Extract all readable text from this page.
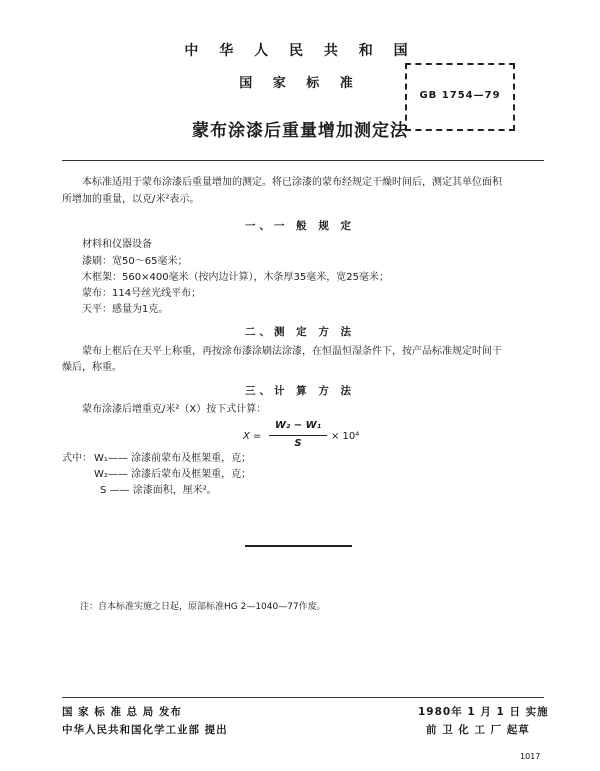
中 华 人 民 共 和 国
国 家 标 准
蒙布涂漆后重量增加测定法
GB 1754—79
本标准适用于蒙布涂漆后重量增加的测定。将已涂漆的蒙布经规定干燥时间后，测定其单位面积
所增加的重量，以克/米²表示。
一、一 般 规 定
材料和仪器设备
漆刷：宽50～65毫米；
木框架：560×400毫米（按内边计算），木条厚35毫米，宽25毫米；
蒙布：114号丝光线平布；
天平：感量为1克。
二、测 定 方 法
蒙布上框后在天平上称重，再按涂布漆涂刷法涂漆，在恒温恒湿条件下，按产品标准规定时间干
燥后，称重。
三、计 算 方 法
蒙布涂漆后增重克/米²（X）按下式计算：
X =
W₂ − W₁
S
× 10⁴
式中： W₁—— 涂漆前蒙布及框架重，克；
W₂—— 涂漆后蒙布及框架重，克；
S —— 涂漆面积，厘米²。
注：自本标准实施之日起，原部标准HG 2—1040—77作废。
国 家 标 准 总 局 发布
中华人民共和国化学工业部 提出
1980年 1 月 1 日 实施
前 卫 化 工 厂 起草
1017
